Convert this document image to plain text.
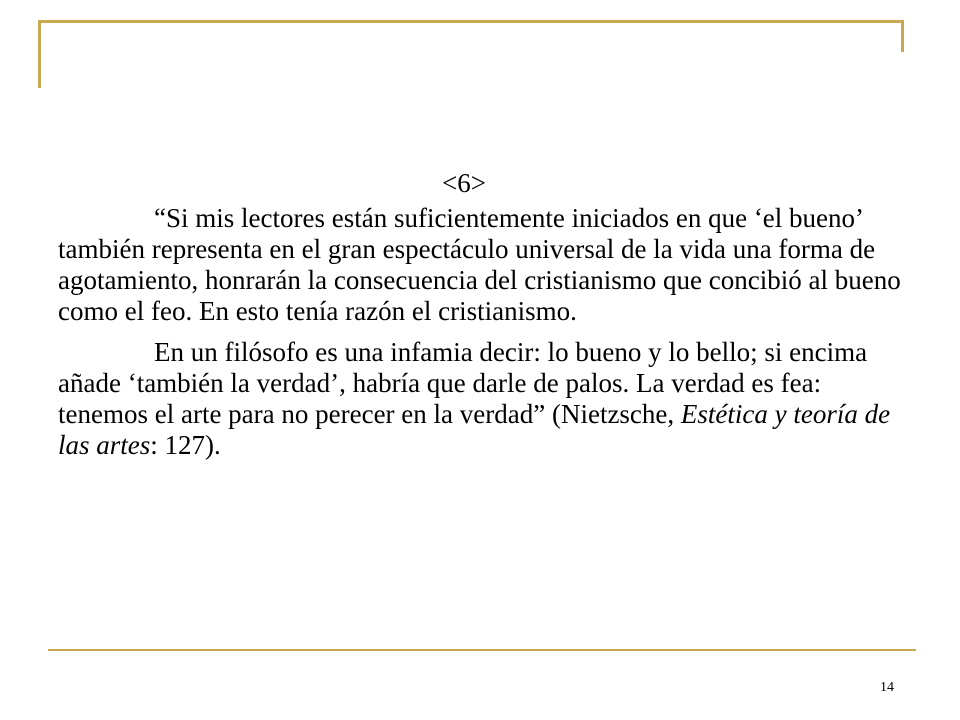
<6>

“Si mis lectores están suficientemente iniciados en que ‘el bueno’ también representa en el gran espectáculo universal de la vida una forma de agotamiento, honrarán la consecuencia del cristianismo que concibió al bueno como el feo. En esto tenía razón el cristianismo.

En un filósofo es una infamia decir: lo bueno y lo bello; si encima añade ‘también la verdad’, habría que darle de palos. La verdad es fea: tenemos el arte para no perecer en la verdad” (Nietzsche, Estética y teoría de las artes: 127).

14
